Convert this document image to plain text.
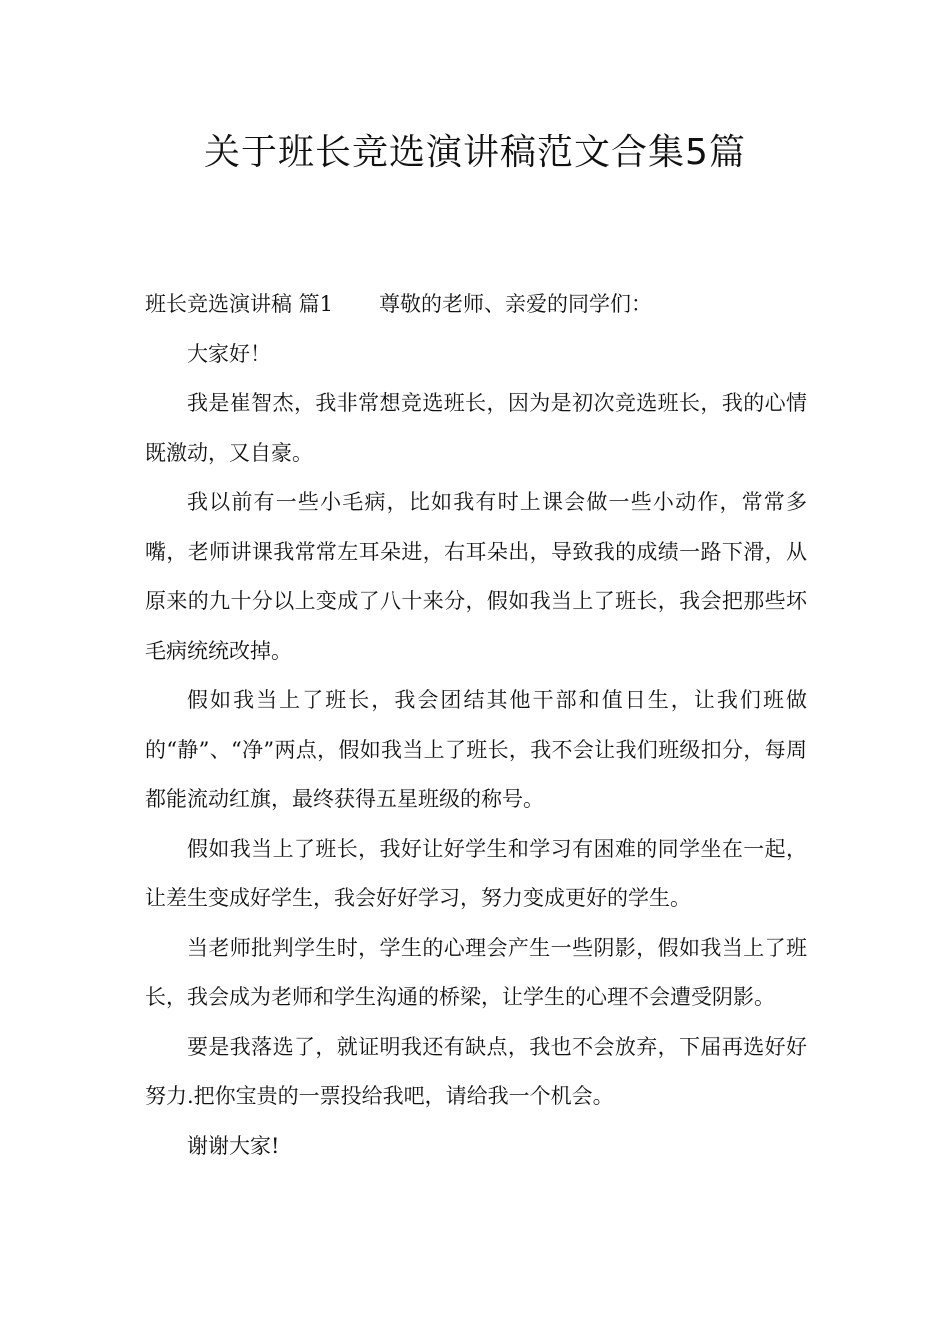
关于班长竞选演讲稿范文合集5篇

班长竞选演讲稿 篇1 尊敬的老师、亲爱的同学们：

大家好！

我是崔智杰，我非常想竞选班长，因为是初次竞选班长，我的心情既激动，又自豪。

我以前有一些小毛病，比如我有时上课会做一些小动作，常常多嘴，老师讲课我常常左耳朵进，右耳朵出，导致我的成绩一路下滑，从原来的九十分以上变成了八十来分，假如我当上了班长，我会把那些坏毛病统统改掉。

假如我当上了班长，我会团结其他干部和值日生，让我们班做的“静”、“净”两点，假如我当上了班长，我不会让我们班级扣分，每周都能流动红旗，最终获得五星班级的称号。

假如我当上了班长，我好让好学生和学习有困难的同学坐在一起，让差生变成好学生，我会好好学习，努力变成更好的学生。

当老师批判学生时，学生的心理会产生一些阴影，假如我当上了班长，我会成为老师和学生沟通的桥梁，让学生的心理不会遭受阴影。

要是我落选了，就证明我还有缺点，我也不会放弃，下届再选好好努力.把你宝贵的一票投给我吧，请给我一个机会。

谢谢大家!
